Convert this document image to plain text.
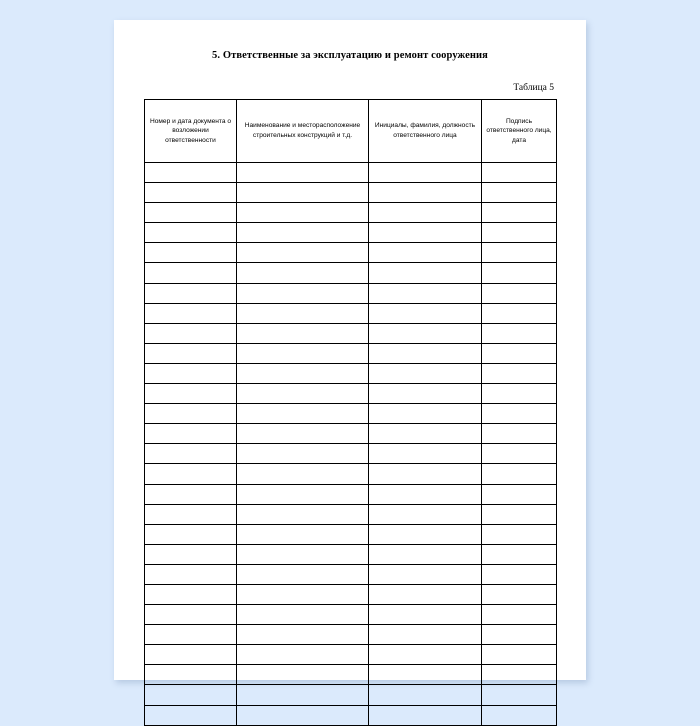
5. Ответственные за эксплуатацию и ремонт сооружения
Таблица 5
Номер и дата документа о возложении ответственности	Наименование и месторасположение строительных конструкций и т.д.	Инициалы, фамилия, должность ответственного лица	Подпись ответственного лица, дата
